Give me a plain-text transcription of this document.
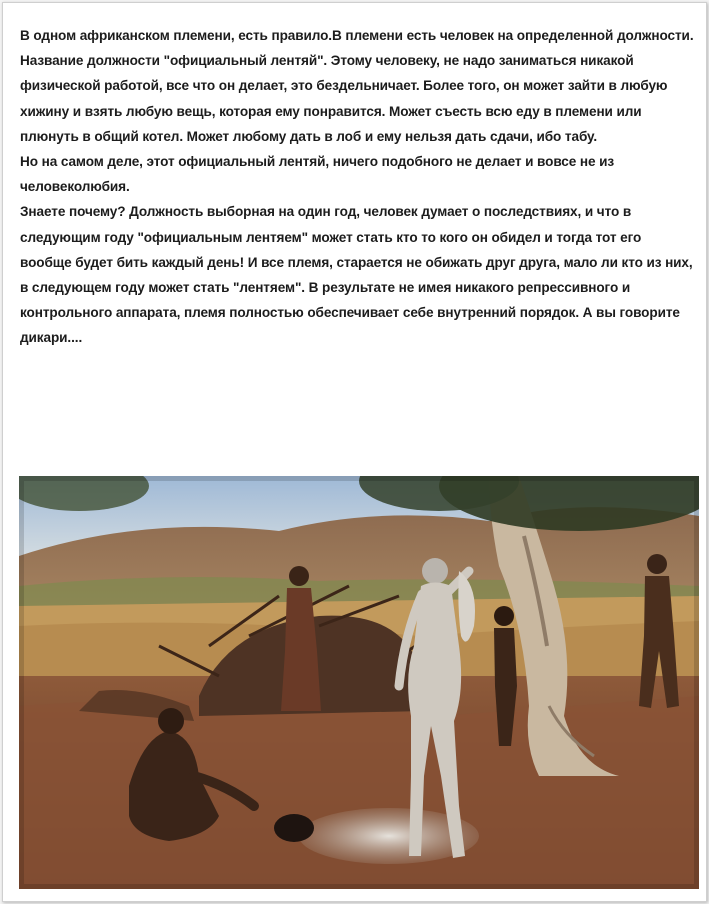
В одном африканском племени, есть правило.В племени есть человек на определенной должности. Название должности "официальный лентяй". Этому человеку, не надо заниматься никакой физической работой, все что он делает, это бездельничает. Более того, он может зайти в любую хижину и взять любую вещь, которая ему понравится. Может съесть всю еду в племени или плюнуть в общий котел. Может любому дать в лоб и ему нельзя дать сдачи, ибо табу.

Но на самом деле, этот официальный лентяй, ничего подобного не делает и вовсе не из человеколюбия.

Знаете почему? Должность выборная на один год, человек думает о последствиях, и что в следующим году "официальным лентяем" может стать кто то кого он обидел и тогда тот его вообще будет бить каждый день! И все племя, старается не обижать друг друга, мало ли кто из них, в следующем году может стать "лентяем". В результате не имея никакого репрессивного и контрольного аппарата, племя полностью обеспечивает себе внутренний порядок. А вы говорите дикари....
